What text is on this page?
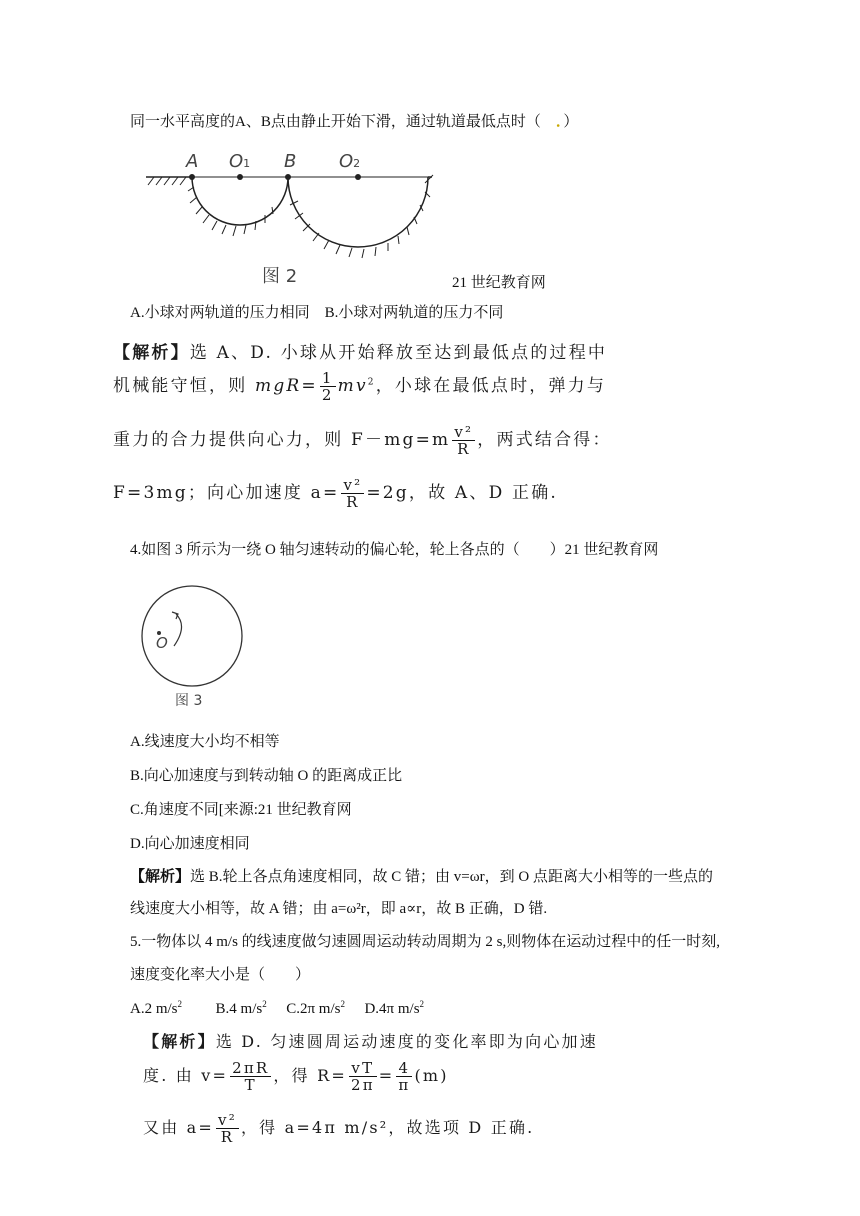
同一水平高度的A、B点由静止开始下滑，通过轨道最低点时（　．）
A O1 B O2
图 2	21 世纪教育网
A.小球对两轨道的压力相同　B.小球对两轨道的压力不同
【解析】选 A、D. 小球从开始释放至达到最低点的过程中
机械能守恒，则 $mgR= \frac{1}{2} mv^2$，小球在最低点时，弹力与
重力的合力提供向心力，则 $F-mg=m \frac{\text{v²}}{R}$ ，两式结合得：
F=3mg；向心加速度 $a= \frac{\text{v²}}{R} =2g$，故 A、D 正确.
4.如图 3 所示为一绕 O 轴匀速转动的偏心轮，轮上各点的（　　）21 世纪教育网
O
图 3
A.线速度大小均不相等
B.向心加速度与到转动轴 O 的距离成正比
C.角速度不同[来源:21 世纪教育网
D.向心加速度相同
【解析】选 B.轮上各点角速度相同，故 C 错；由 v=ωr，到 O 点距离大小相等的一些点的
线速度大小相等，故 A 错；由 a=ω²r，即 a∝r，故 B 正确，D 错.
5.一物体以 4 m/s 的线速度做匀速圆周运动转动周期为 2 s,则物体在运动过程中的任一时刻,
速度变化率大小是（　　）
A.2 $m/s^2$ B.4 $m/s^2$ C.2π $m/s^2$ D.4π $m/s^2$
【解析】选 D. 匀速圆周运动速度的变化率即为向心加速
度. 由 $v= \frac{2\pi R}{T}$ ，得 $R= \frac{vT}{2\pi} = \frac{4}{\pi} (m)$
又由 $a= \frac{\text{v²}}{R}$ ，得 a=4π m/s²，故选项 D 正确.
